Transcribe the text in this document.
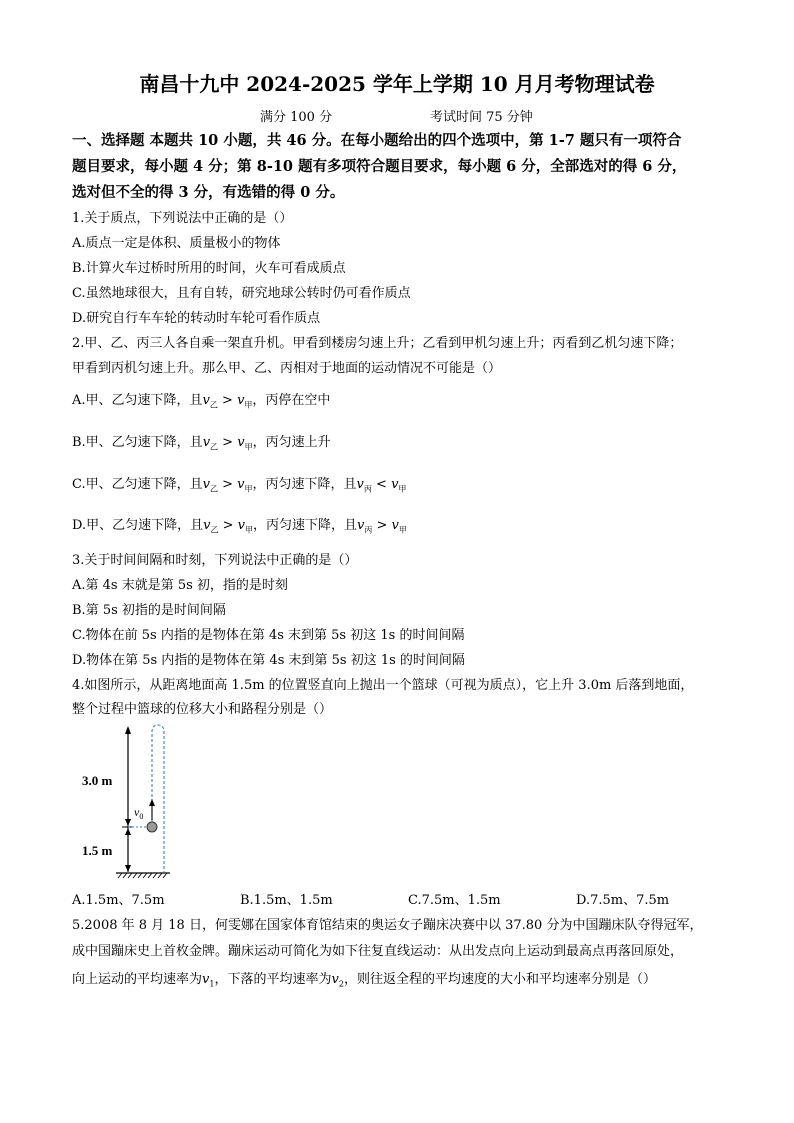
南昌十九中 2024-2025 学年上学期 10 月月考物理试卷
满分 100 分	考试时间 75 分钟
一、选择题 本题共 10 小题，共 46 分。在每小题给出的四个选项中，第 1-7 题只有一项符合
题目要求，每小题 4 分；第 8-10 题有多项符合题目要求，每小题 6 分，全部选对的得 6 分，
选对但不全的得 3 分，有选错的得 0 分。
1.关于质点，下列说法中正确的是（）
A.质点一定是体积、质量极小的物体
B.计算火车过桥时所用的时间，火车可看成质点
C.虽然地球很大，且有自转，研究地球公转时仍可看作质点
D.研究自行车车轮的转动时车轮可看作质点
2.甲、乙、丙三人各自乘一架直升机。甲看到楼房匀速上升；乙看到甲机匀速上升；丙看到乙机匀速下降；
甲看到丙机匀速上升。那么甲、乙、丙相对于地面的运动情况不可能是（）
A.甲、乙匀速下降，且$v_乙 > v_甲$，丙停在空中
B.甲、乙匀速下降，且$v_乙 > v_甲$，丙匀速上升
C.甲、乙匀速下降，且$v_乙 > v_甲$，丙匀速下降，且$v_丙 < v_甲$
D.甲、乙匀速下降，且$v_乙 > v_甲$，丙匀速下降，且$v_丙 > v_甲$
3.关于时间间隔和时刻，下列说法中正确的是（）
A.第 4s 末就是第 5s 初，指的是时刻
B.第 5s 初指的是时间间隔
C.物体在前 5s 内指的是物体在第 4s 末到第 5s 初这 1s 的时间间隔
D.物体在第 5s 内指的是物体在第 4s 末到第 5s 初这 1s 的时间间隔
4.如图所示，从距离地面高 1.5m 的位置竖直向上抛出一个篮球（可视为质点），它上升 3.0m 后落到地面，
整个过程中篮球的位移大小和路程分别是（）
3.0 m
1.5 m
$v_0$
A.1.5m、7.5m	B.1.5m、1.5m	C.7.5m、1.5m	D.7.5m、7.5m
5.2008 年 8 月 18 日，何雯娜在国家体育馆结束的奥运女子蹦床决赛中以 37.80 分为中国蹦床队夺得冠军，
成中国蹦床史上首枚金牌。蹦床运动可简化为如下往复直线运动：从出发点向上运动到最高点再落回原处，
向上运动的平均速率为$v_1$，下落的平均速率为$v_2$，则往返全程的平均速度的大小和平均速率分别是（）
